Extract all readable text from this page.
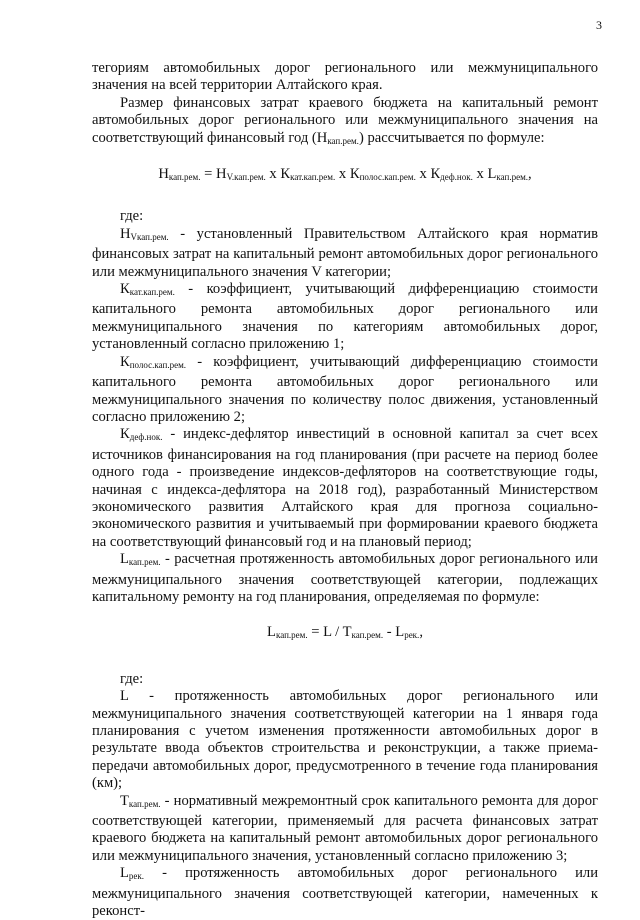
3

тегориям автомобильных дорог регионального или межмуниципального значения на всей территории Алтайского края.

Размер финансовых затрат краевого бюджета на капитальный ремонт автомобильных дорог регионального или межмуниципального значения на соответствующий финансовый год $(Н_{кап.рем.})$ рассчитывается по формуле:

$Н_{кап.рем.} = Н_{V.кап.рем.}$ х $К_{кат.кап.рем.}$ х $К_{полос.кап.рем.}$ х $К_{деф.нок.}$ х $L_{кап.рем.}$,

где:

$Н_{Vкап.рем.}$ - установленный Правительством Алтайского края норматив финансовых затрат на капитальный ремонт автомобильных дорог регионального или межмуниципального значения V категории;

$К_{кат.кап.рем.}$ - коэффициент, учитывающий дифференциацию стоимости капитального ремонта автомобильных дорог регионального или межмуниципального значения по категориям автомобильных дорог, установленный согласно приложению 1;

$К_{полос.кап.рем.}$ - коэффициент, учитывающий дифференциацию стоимости капитального ремонта автомобильных дорог регионального или межмуниципального значения по количеству полос движения, установленный согласно приложению 2;

$К_{деф.нок.}$ - индекс-дефлятор инвестиций в основной капитал за счет всех источников финансирования на год планирования (при расчете на период более одного года - произведение индексов-дефляторов на соответствующие годы, начиная с индекса-дефлятора на 2018 год), разработанный Министерством экономического развития Алтайского края для прогноза социально-экономического развития и учитываемый при формировании краевого бюджета на соответствующий финансовый год и на плановый период;

$L_{кап.рем.}$ - расчетная протяженность автомобильных дорог регионального или межмуниципального значения соответствующей категории, подлежащих капитальному ремонту на год планирования, определяемая по формуле:

$L_{кап.рем.} = L / T_{кап.рем.} - L_{рек.}$,

где:

L - протяженность автомобильных дорог регионального или межмуниципального значения соответствующей категории на 1 января года планирования с учетом изменения протяженности автомобильных дорог в результате ввода объектов строительства и реконструкции, а также приема-передачи автомобильных дорог, предусмотренного в течение года планирования (км);

$Т_{кап.рем.}$ - нормативный межремонтный срок капитального ремонта для дорог соответствующей категории, применяемый для расчета финансовых затрат краевого бюджета на капитальный ремонт автомобильных дорог регионального или межмуниципального значения, установленный согласно приложению 3;

$L_{рек.}$ - протяженность автомобильных дорог регионального или межмуниципального значения соответствующей категории, намеченных к реконст-
